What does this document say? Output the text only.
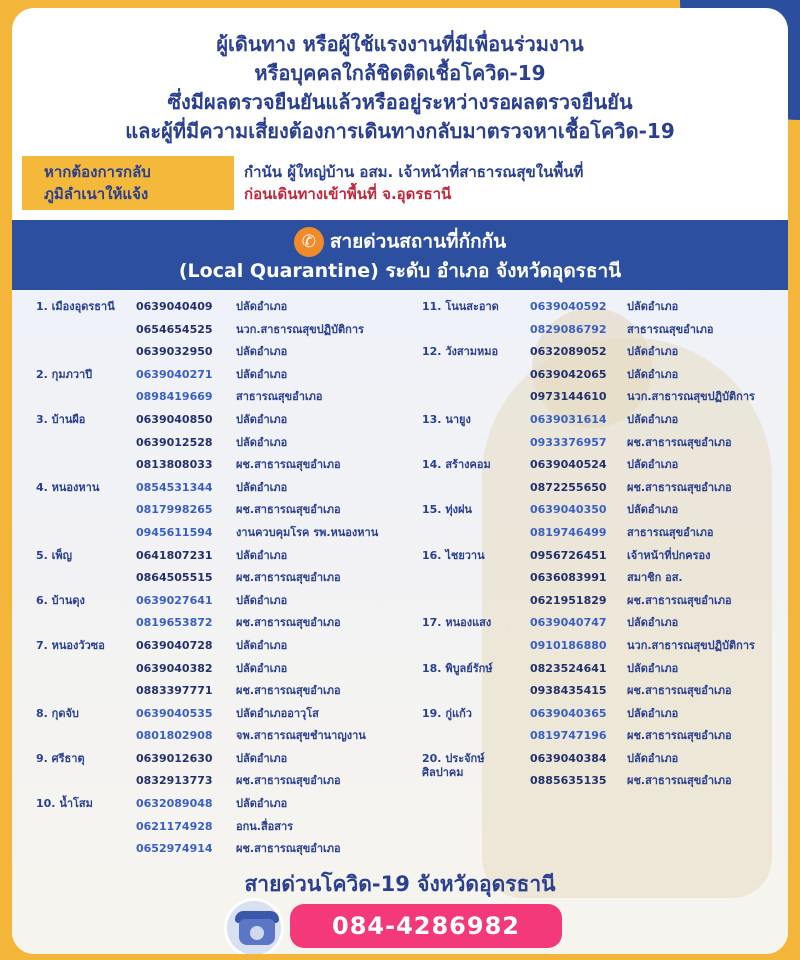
ผู้เดินทาง หรือผู้ใช้แรงงานที่มีเพื่อนร่วมงาน
หรือบุคคลใกล้ชิดติดเชื้อโควิด-19
ซึ่งมีผลตรวจยืนยันแล้วหรืออยู่ระหว่างรอผลตรวจยืนยัน
และผู้ที่มีความเสี่ยงต้องการเดินทางกลับมาตรวจหาเชื้อโควิด-19
หากต้องการกลับ
ภูมิลำเนาให้แจ้ง
กำนัน ผู้ใหญ่บ้าน อสม. เจ้าหน้าที่สาธารณสุขในพื้นที่
ก่อนเดินทางเข้าพื้นที่ จ.อุดรธานี
✆ สายด่วนสถานที่กักกัน
(Local Quarantine) ระดับ อำเภอ จังหวัดอุดรธานี
1. เมืองอุดรธานี 0639040409 ปลัดอำเภอ
0654654525 นวก.สาธารณสุขปฏิบัติการ
0639032950 ปลัดอำเภอ
2. กุมภวาปี	0639040271 ปลัดอำเภอ
0898419669 สาธารณสุขอำเภอ
3. บ้านผือ	0639040850 ปลัดอำเภอ
0639012528 ปลัดอำเภอ
0813808033 ผช.สาธารณสุขอำเภอ
4. หนองหาน	0854531344 ปลัดอำเภอ
0817998265 ผช.สาธารณสุขอำเภอ
0945611594 งานควบคุมโรค รพ.หนองหาน
5. เพ็ญ	0641807231 ปลัดอำเภอ
0864505515 ผช.สาธารณสุขอำเภอ
6. บ้านดุง	0639027641 ปลัดอำเภอ
0819653872 ผช.สาธารณสุขอำเภอ
7. หนองวัวซอ	0639040728 ปลัดอำเภอ
0639040382 ปลัดอำเภอ
0883397771 ผช.สาธารณสุขอำเภอ
8. กุดจับ	0639040535 ปลัดอำเภออาวุโส
0801802908 จพ.สาธารณสุขชำนาญงาน
9. ศรีธาตุ	0639012630 ปลัดอำเภอ
0832913773 ผช.สาธารณสุขอำเภอ
10. น้ำโสม	0632089048 ปลัดอำเภอ
0621174928 อกน.สื่อสาร
0652974914 ผช.สาธารณสุขอำเภอ
11. โนนสะอาด	0639040592 ปลัดอำเภอ
0829086792 สาธารณสุขอำเภอ
12. วังสามหมอ	0632089052 ปลัดอำเภอ
0639042065 ปลัดอำเภอ
0973144610 นวก.สาธารณสุขปฏิบัติการ
13. นายูง	0639031614 ปลัดอำเภอ
0933376957 ผช.สาธารณสุขอำเภอ
14. สร้างคอม	0639040524 ปลัดอำเภอ
0872255650 ผช.สาธารณสุขอำเภอ
15. ทุ่งฝน	0639040350 ปลัดอำเภอ
0819746499 สาธารณสุขอำเภอ
16. ไชยวาน	0956726451 เจ้าหน้าที่ปกครอง
0636083991 สมาชิก อส.
0621951829 ผช.สาธารณสุขอำเภอ
17. หนองแสง	0639040747 ปลัดอำเภอ
0910186880 นวก.สาธารณสุขปฏิบัติการ
18. พิบูลย์รักษ์	0823524641 ปลัดอำเภอ
0938435415 ผช.สาธารณสุขอำเภอ
19. กู่แก้ว	0639040365 ปลัดอำเภอ
0819747196 ผช.สาธารณสุขอำเภอ
20. ประจักษ์
ศิลปาคม
0639040384 ปลัดอำเภอ
0885635135 ผช.สาธารณสุขอำเภอ
สายด่วนโควิด-19 จังหวัดอุดรธานี
084-4286982
